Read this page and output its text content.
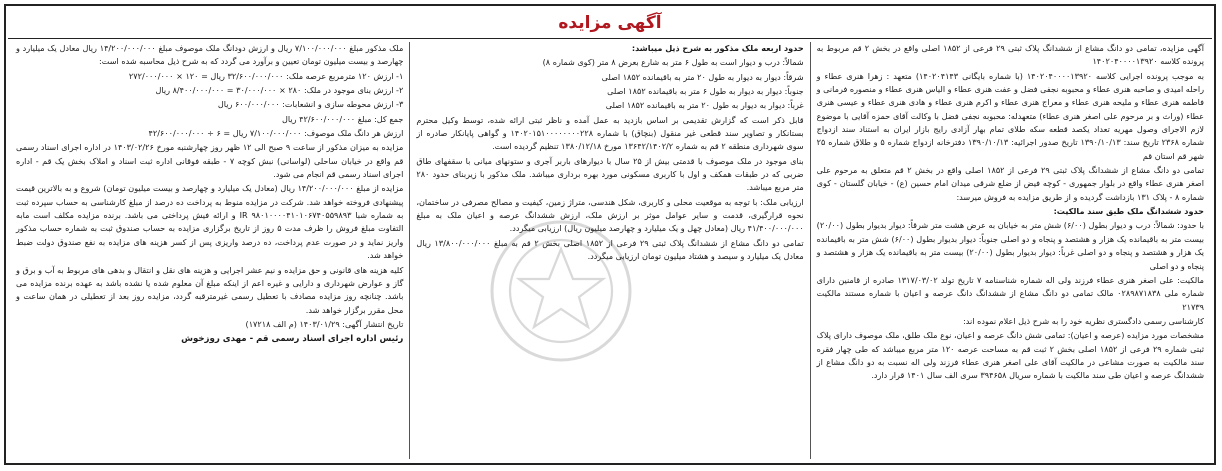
آگهی مزایده

آگهی مزایده، تمامی دو دانگ مشاع از ششدانگ پلاک ثبتی ۲۹ فرعی از ۱۸۵۲ اصلی واقع در بخش ۲ قم مربوط به پرونده کلاسه ۱۴۰۲۰۴۰۰۰۰۱۳۹۲۰

به موجب پرونده اجرایی کلاسه ۱۴۰۲۰۴۰۰۰۰۱۳۹۲۰ (با شماره بایگانی ۱۴۰۲۰۴۱۴۳) متعهد : زهرا هنری عطاء و راحله امیدی و صاحبه هنری عطاء و محبوبه نجفی فضل و عفت هنری عطاء و الیاس هنری عطاء و منصوره فرمانی و فاطمه هنری عطاء و ملیحه هنری عطاء و معراج هنری عطاء و اکرم هنری عطاء و هادی هنری عطاء و عیسی هنری عطاء (وراث و بر مرحوم علی اصغر هنری عطاء) متعهدله: محبوبه نجفی فضل با وکالت آقای حمزه آقایی با موضوع لازم الاجرای وصول مهریه تعداد یکصد قطعه سکه طلای تمام بهار آزادی رایج بازار ایران به استناد سند ازدواج شماره ۲۳۶۸ تاریخ سند: ۱۳۹۰/۱۰/۱۳ تاریخ صدور اجرائیه: ۱۳۹۰/۱۰/۱۳ دفترخانه ازدواج شماره ۵ و طلاق شماره ۲۵ شهر قم استان قم

تمامی دو دانگ مشاع از ششدانگ پلاک ثبتی ۲۹ فرعی از ۱۸۵۲ اصلی واقع در بخش ۲ قم متعلق به مرحوم علی اصغر هنری عطاء واقع در بلوار جمهوری - کوچه فیض از ضلع شرقی میدان امام حسین (ع) - خیابان گلستان - کوی شماره ۸ - پلاک ۱۳۱ بازداشت گردیده و از طریق مزایده به فروش میرسد:

حدود ششدانگ ملک طبق سند مالکیت:

با حدود: شمالاً: درب و دیوار بطول (۶/۰۰) شش متر به خیابان به عرض هشت متر شرقاً: دیوار بدیوار بطول (۲۰/۰۰) بیست متر به باقیمانده یک هزار و هشتصد و پنجاه و دو اصلی جنوباً: دیوار بدیوار بطول (۶/۰۰) شش متر به باقیمانده یک هزار و هشتصد و پنجاه و دو اصلی غرباً: دیوار بدیوار بطول (۲۰/۰۰) بیست متر به باقیمانده یک هزار و هشتصد و پنجاه و دو اصلی

مالکیت: علی اصغر هنری عطاء فرزند ولی اله شماره شناسنامه ۷ تاریخ تولد ۱۳۱۷/۰۳/۰۲ صادره از قامنین دارای شماره ملی ۰۲۸۹۸۷۱۸۳۸ مالک تمامی دو دانگ مشاع از ششدانگ دانگ عرصه و اعیان با شماره مستند مالکیت ۲۱۷۳۹

کارشناسی رسمی دادگستری نظریه خود را به شرح ذیل اعلام نموده اند:

مشخصات مورد مزایده (عرصه و اعیان): تمامی شش دانگ عرصه و اعیان، نوع ملک طلق، ملک موصوف دارای پلاک ثبتی شماره ۲۹ فرعی از ۱۸۵۲ اصلی بخش ۲ ثبت قم به مساحت عرصه ۱۲۰ متر مربع میباشد که طی چهار فقره سند مالکیت به صورت مشاعی در مالکیت آقای علی اصغر هنری عطاء فرزند ولی اله نسبت به دو دانگ مشاع از ششدانگ عرصه و اعیان طی سند مالکیت با شماره سریال ۳۹۴۶۵۸ سری الف سال ۱۴۰۱ قرار دارد.

حدود اربعه ملک مذکور به شرح ذیل میباشد:

شمالاً: درب و دیوار است به طول ۶ متر به شارع بعرض ۸ متر (کوی شماره ۸)

شرقاً: دیوار به دیوار به طول ۲۰ متر به باقیمانده ۱۸۵۲ اصلی

جنوباً: دیوار به دیوار به طول ۶ متر به باقیمانده ۱۸۵۲ اصلی

غرباً: دیوار به دیوار به طول ۲۰ متر به باقیمانده ۱۸۵۲ اصلی

قابل ذکر است که گزارش تقدیمی بر اساس بازدید به عمل آمده و ناظر ثبتی ارائه شده، توسط وکیل محترم بستانکار و تصاویر سند قطعی غیر منقول (بنچاق) با شماره ۱۴۰۲۰۱۵۱۰۰۰۰۰۰۰۰۲۲۸ و گواهی پایانکار صادره از سوی شهرداری منطقه ۲ قم به شماره ۱۳۶۴۲/۱۴۰۲/۲ مورخ ۱۳۸۰/۱۲/۱۸ تنظیم گردیده است.

بنای موجود در ملک موصوف با قدمتی بیش از ۲۵ سال با دیوارهای باربر آجری و ستونهای میانی با سقفهای طاق ضربی که در طبقات همکف و اول با کاربری مسکونی مورد بهره برداری میباشد. ملک مذکور با زیربنای حدود ۲۸۰ متر مربع میباشد.

ارزیابی ملک: با توجه به موقعیت محلی و کاربری، شکل هندسی، متراژ زمین، کیفیت و مصالح مصرفی در ساختمان، نحوه قرارگیری، قدمت و سایر عوامل موثر بر ارزش ملک، ارزش ششدانگ عرصه و اعیان ملک به مبلغ ۴۱/۴۰۰/۰۰۰/۰۰۰ ریال (معادل چهل و یک میلیارد و چهارصد میلیون ریال) ارزیابی میگردد.

تمامی دو دانگ مشاع از ششدانگ پلاک ثبتی ۲۹ فرعی از ۱۸۵۲ اصلی بخش ۲ قم به مبلغ ۱۳/۸۰۰/۰۰۰/۰۰۰ ریال معادل یک میلیارد و سیصد و هشتاد میلیون تومان ارزیابی میگردد.

ملک مذکور مبلغ ۷/۱۰۰/۰۰۰/۰۰۰ ریال و ارزش دودانگ ملک موصوف مبلغ ۱۴/۲۰۰/۰۰۰/۰۰۰ ریال معادل یک میلیارد و چهارصد و بیست میلیون تومان تعیین و برآورد می گردد که به شرح ذیل محاسبه شده است:

۱- ارزش ۱۲۰ مترمربع عرصه ملک: ۳۲/۶۰۰/۰۰۰/۰۰۰ ریال = ۱۲۰ × ۲۷۲/۰۰۰/۰۰۰

۲- ارزش بنای موجود در ملک: ۲۸۰ × ۳۰/۰۰۰/۰۰۰ = ۸/۴۰۰/۰۰۰/۰۰۰ ریال

۳- ارزش محوطه سازی و انشعابات: ۶۰۰/۰۰۰/۰۰۰ ریال

جمع کل: مبلغ ۴۲/۶۰۰/۰۰۰/۰۰۰ ریال

ارزش هر دانگ ملک موصوف: ۷/۱۰۰/۰۰۰/۰۰۰ ریال = ۶ ÷ ۴۲/۶۰۰/۰۰۰/۰۰۰

مزایده به میزان مذکور از ساعت ۹ صبح الی ۱۲ ظهر روز چهارشنبه مورخ ۱۴۰۳/۰۲/۲۶ در اداره اجرای اسناد رسمی قم واقع در خیابان ساحلی (لواسانی) نبش کوچه ۷ - طبقه فوقانی اداره ثبت اسناد و املاک بخش یک قم - اداره اجرای اسناد رسمی قم انجام می شود.

مزایده از مبلغ ۱۴/۲۰۰/۰۰۰/۰۰۰ ریال (معادل یک میلیارد و چهارصد و بیست میلیون تومان) شروع و به بالاترین قیمت پیشنهادی فروخته خواهد شد. شرکت در مزایده منوط به پرداخت ده درصد از مبلغ کارشناسی به حساب سپرده ثبت به شماره شبا IR ۹۸۰۱۰۰۰۰۴۱۰۱۰۶۷۴۰۵۵۹۸۹۳ و ارائه فیش پرداختی می باشد. برنده مزایده مکلف است مابه التفاوت مبلغ فروش را ظرف مدت ۵ روز از تاریخ برگزاری مزایده به حساب صندوق ثبت به شماره حساب مذکور واریز نماید و در صورت عدم پرداخت، ده درصد واریزی پس از کسر هزینه های مزایده به نفع صندوق دولت ضبط خواهد شد.

کلیه هزینه های قانونی و حق مزایده و نیم عشر اجرایی و هزینه های نقل و انتقال و بدهی های مربوط به آب و برق و گاز و عوارض شهرداری و دارایی و غیره اعم از اینکه مبلغ آن معلوم شده یا نشده باشد به عهده برنده مزایده می باشد. چنانچه روز مزایده مصادف با تعطیل رسمی غیرمترقبه گردد، مزایده روز بعد از تعطیلی در همان ساعت و محل مقرر برگزار خواهد شد.

تاریخ انتشار آگهی: ۱۴۰۳/۰۱/۲۹ (م الف ۱۷۲۱۸)

رئیس اداره اجرای اسناد رسمی قم - مهدی روزخوش
